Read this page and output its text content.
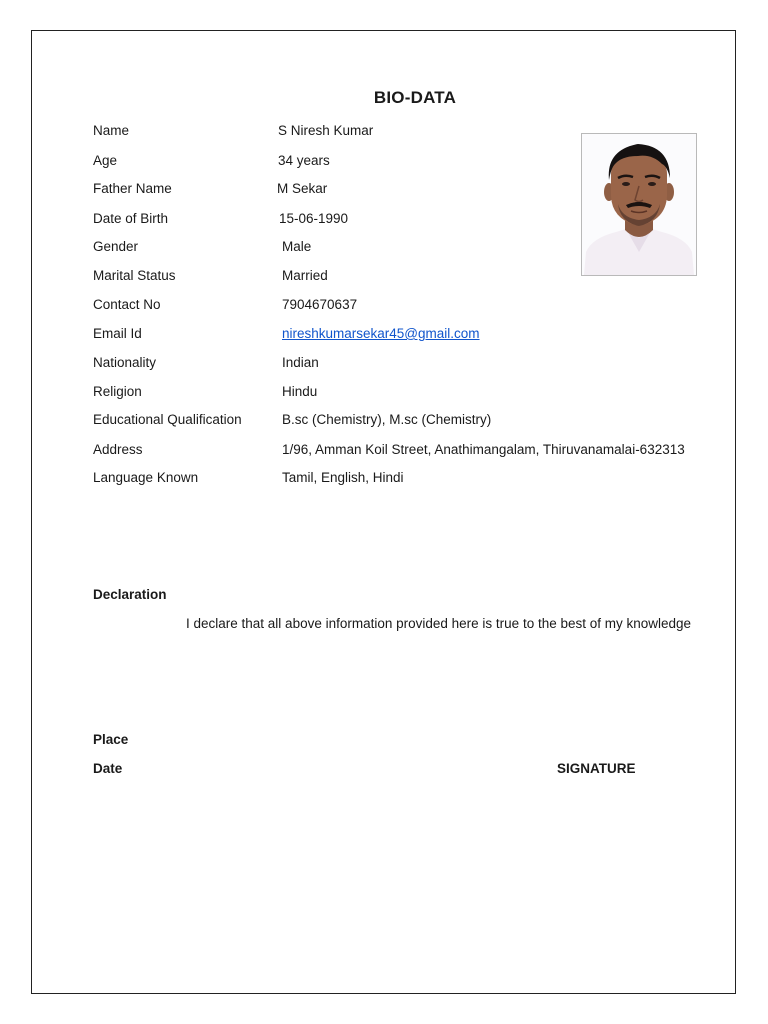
BIO-DATA
Name	S Niresh Kumar
Age	34 years
Father Name	M Sekar
Date of Birth	15-06-1990
Gender	Male
Marital Status	Married
Contact No	7904670637
Email Id	nireshkumarsekar45@gmail.com
Nationality	Indian
Religion	Hindu
Educational Qualification	B.sc (Chemistry), M.sc (Chemistry)
Address	1/96, Amman Koil Street, Anathimangalam, Thiruvanamalai-632313
Language Known	Tamil, English, Hindi
Declaration
I declare that all above information provided here is true to the best of my knowledge
Place
Date	SIGNATURE
